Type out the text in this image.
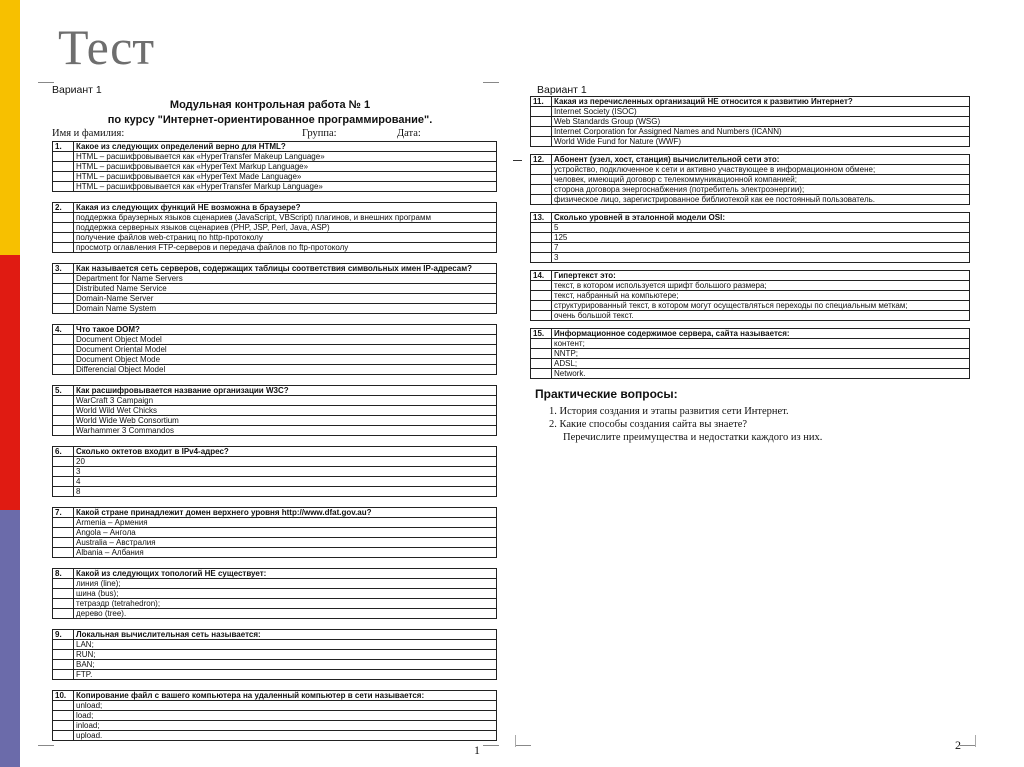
Тест
Вариант 1
Модульная контрольная работа № 1
по курсу "Интернет-ориентированное программирование".
Имя и фамилия:	Группа:	Дата:
1.	Какое из следующих определений верно для HTML?
	HTML – расшифровывается как «HyperTransfer Makeup Language»
	HTML – расшифровывается как «HyperText Markup Language»
	HTML – расшифровывается как «HyperText Made Language»
	HTML – расшифровывается как «HyperTransfer Markup Language»
2.	Какая из следующих функций НЕ возможна в браузере?
	поддержка браузерных языков сценариев (JavaScript, VBScript) плагинов, и внешних программ
	поддержка серверных языков сценариев (PHP, JSP, Perl, Java, ASP)
	получение файлов web-страниц по http-протоколу
	просмотр оглавления FTP-серверов и передача файлов по ftp-протоколу
3.	Как называется сеть серверов, содержащих таблицы соответствия символьных имен IP-адресам?
	Department for Name Servers
	Distributed Name Service
	Domain-Name Server
	Domain Name System
4.	Что такое DOM?
	Document Object Model
	Document Oriental Model
	Document Object Mode
	Differencial Object Model
5.	Как расшифровывается название организации W3C?
	WarCraft 3 Campaign
	World Wild Wet Chicks
	World Wide Web Consortium
	Warhammer 3 Commandos
6.	Сколько октетов входит в IPv4-адрес?
	20
	3
	4
	8
7.	Какой стране принадлежит домен верхнего уровня http://www.dfat.gov.au?
	Armenia – Армения
	Angola – Ангола
	Australia – Австралия
	Albania – Албания
8.	Какой из следующих топологий НЕ существует:
	линия (line);
	шина (bus);
	тетраэдр (tetrahedron);
	дерево (tree).
9.	Локальная вычислительная сеть называется:
	LAN;
	RUN;
	BAN;
	FTP.
10.	Копирование файл с вашего компьютера на удаленный компьютер в сети называется:
	unload;
	load;
	inload;
	upload.
1
Вариант 1
11.	Какая из перечисленных организаций НЕ относится к развитию Интернет?
	Internet Society (ISOC)
	Web Standards Group (WSG)
	Internet Corporation for Assigned Names and Numbers (ICANN)
	World Wide Fund for Nature (WWF)
12.	Абонент (узел, хост, станция) вычислительной сети это:
	устройство, подключенное к сети и активно участвующее в информационном обмене;
	человек, имеющий договор с телекоммуникационной компанией;
	сторона договора энергоснабжения (потребитель электроэнергии);
	физическое лицо, зарегистрированное библиотекой как ее постоянный пользователь.
13.	Сколько уровней в эталонной модели OSI:
	5
	125
	7
	3
14.	Гипертекст это:
	текст, в котором используется шрифт большого размера;
	текст, набранный на компьютере;
	структурированный текст, в котором могут осуществляться переходы по специальным меткам;
	очень большой текст.
15.	Информационное содержимое сервера, сайта называется:
	контент;
	NNTP;
	ADSL;
	Network.
Практические вопросы:
1. История создания и этапы развития сети Интернет.
2. Какие способы создания сайта вы знаете?
Перечислите преимущества и недостатки каждого из них.
2
